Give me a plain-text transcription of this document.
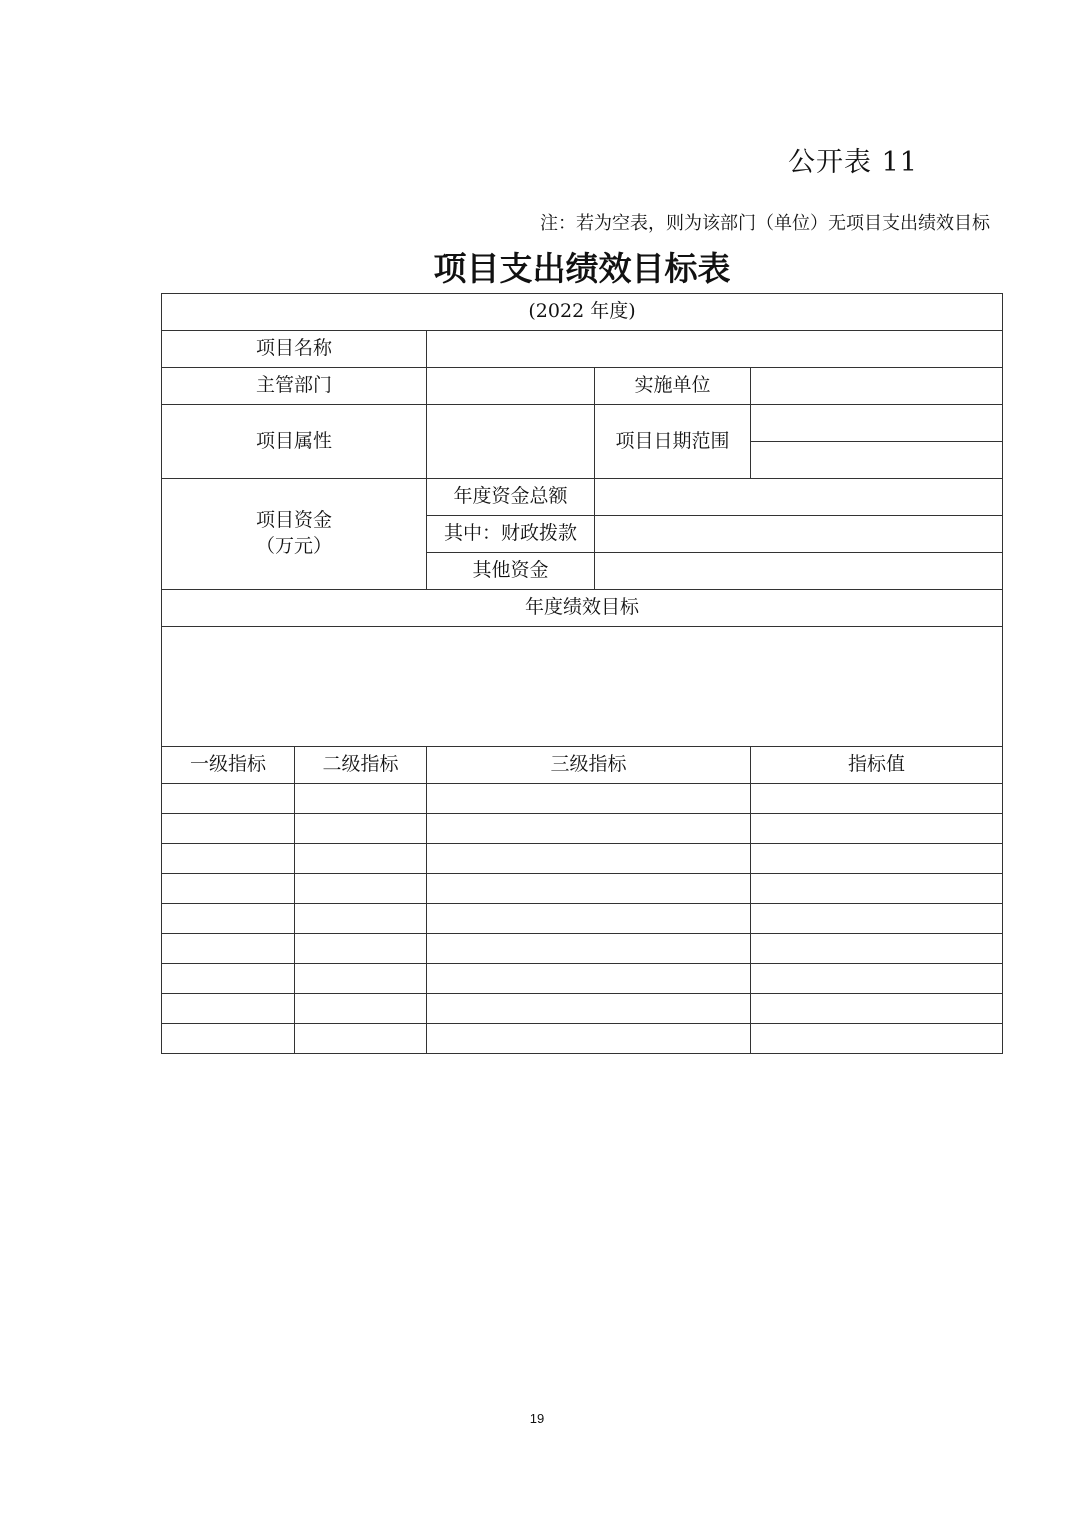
公开表 11
注：若为空表，则为该部门（单位）无项目支出绩效目标
项目支出绩效目标表
(2022 年度)				
项目名称				
主管部门			实施单位	
项目属性			项目日期范围	

项目资金
（万元）		年度资金总额		
		其中：财政拨款		
		其他资金		
年度绩效目标				

一级指标	二级指标	三级指标		指标值

19
